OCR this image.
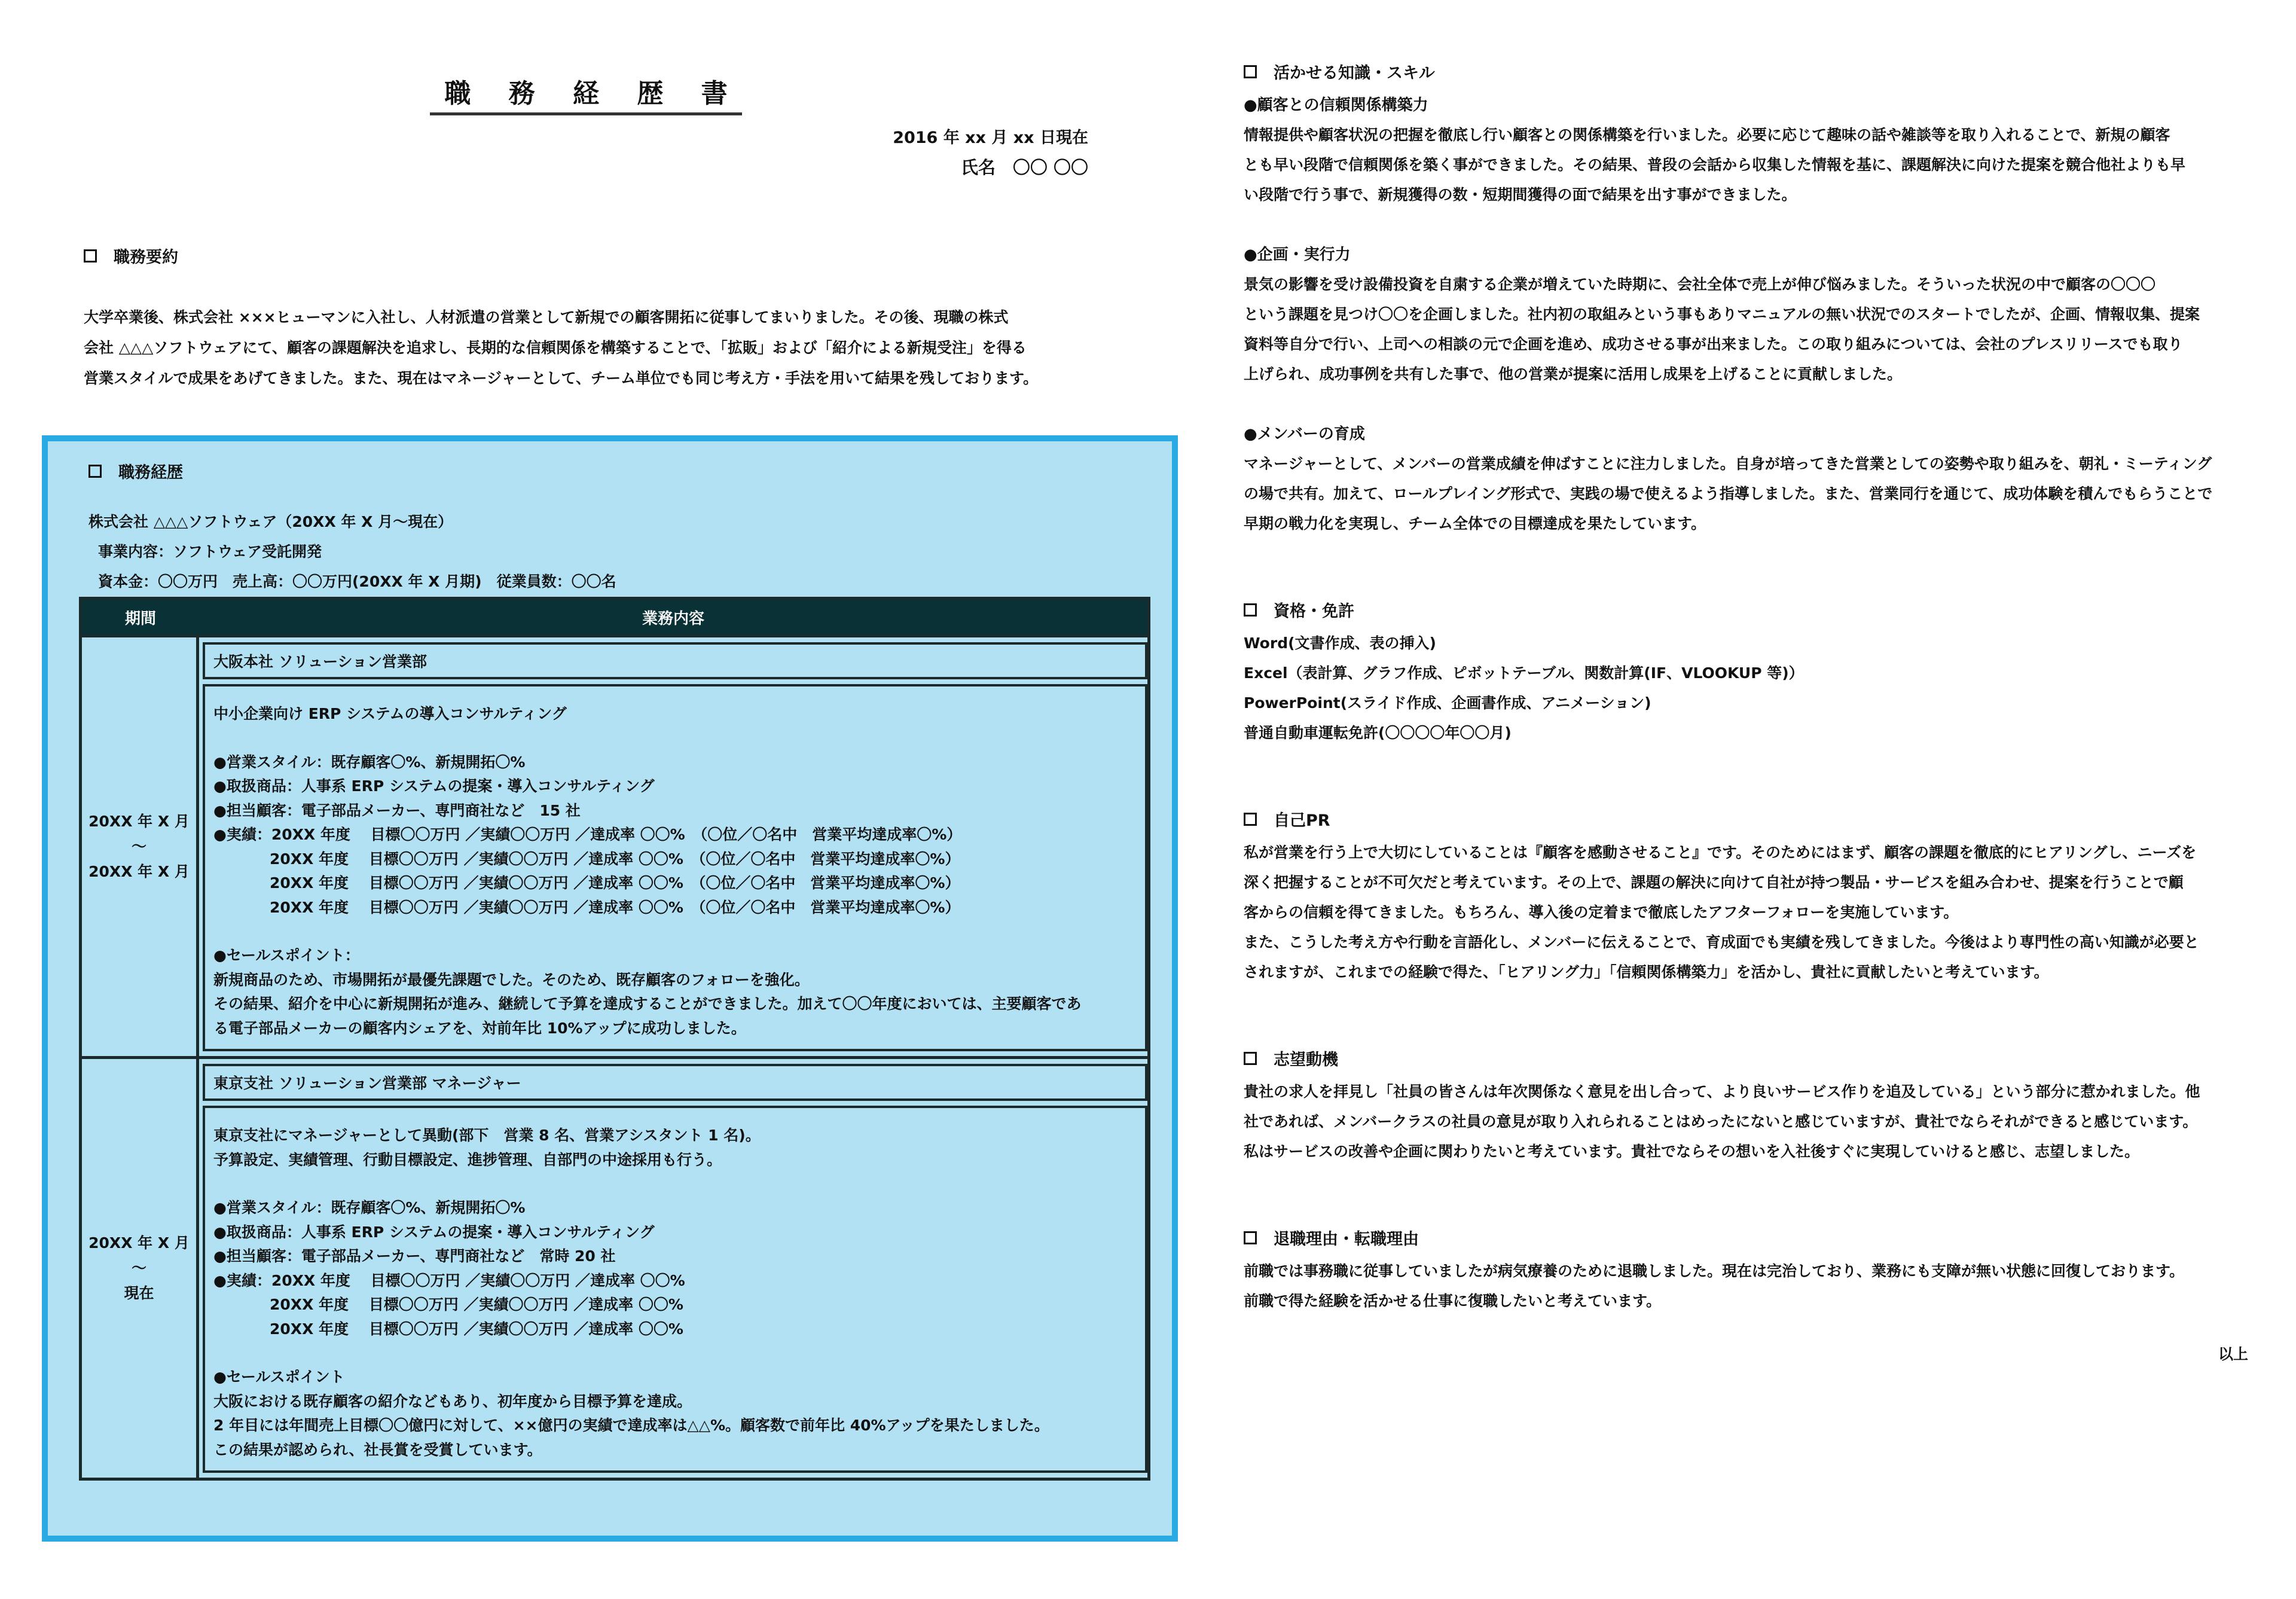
職 務 経 歴 書
2016 年 xx 月 xx 日現在
氏名　〇〇 〇〇
職務要約
大学卒業後、株式会社 ×××ヒューマンに入社し、人材派遣の営業として新規での顧客開拓に従事してまいりました。その後、現職の株式
会社 △△△ソフトウェアにて、顧客の課題解決を追求し、長期的な信頼関係を構築することで、「拡販」および「紹介による新規受注」を得る
営業スタイルで成果をあげてきました。また、現在はマネージャーとして、チーム単位でも同じ考え方・手法を用いて結果を残しております。
職務経歴
株式会社 △△△ソフトウェア（20XX 年 X 月～現在）
事業内容：ソフトウェア受託開発
資本金：〇〇万円　売上高：〇〇万円(20XX 年 X 月期)　従業員数：〇〇名
期間	業務内容
20XX 年 X 月
～
20XX 年 X 月
大阪本社 ソリューション営業部
中小企業向け ERP システムの導入コンサルティング
●営業スタイル：既存顧客〇%、新規開拓〇%
●取扱商品：人事系 ERP システムの提案・導入コンサルティング
●担当顧客：電子部品メーカー、専門商社など　15 社
●実績：20XX 年度　 目標〇〇万円 ／実績〇〇万円 ／達成率 〇〇%　（〇位／〇名中　営業平均達成率〇%）
20XX 年度　 目標〇〇万円 ／実績〇〇万円 ／達成率 〇〇%　（〇位／〇名中　営業平均達成率〇%）
20XX 年度　 目標〇〇万円 ／実績〇〇万円 ／達成率 〇〇%　（〇位／〇名中　営業平均達成率〇%）
20XX 年度　 目標〇〇万円 ／実績〇〇万円 ／達成率 〇〇%　（〇位／〇名中　営業平均達成率〇%）
●セールスポイント：
新規商品のため、市場開拓が最優先課題でした。そのため、既存顧客のフォローを強化。
その結果、紹介を中心に新規開拓が進み、継続して予算を達成することができました。加えて〇〇年度においては、主要顧客であ
る電子部品メーカーの顧客内シェアを、対前年比 10%アップに成功しました。
20XX 年 X 月
～
現在
東京支社 ソリューション営業部 マネージャー
東京支社にマネージャーとして異動(部下　営業 8 名、営業アシスタント 1 名)。
予算設定、実績管理、行動目標設定、進捗管理、自部門の中途採用も行う。
●営業スタイル：既存顧客〇%、新規開拓〇%
●取扱商品：人事系 ERP システムの提案・導入コンサルティング
●担当顧客：電子部品メーカー、専門商社など　常時 20 社
●実績：20XX 年度　 目標〇〇万円 ／実績〇〇万円 ／達成率 〇〇%
20XX 年度　 目標〇〇万円 ／実績〇〇万円 ／達成率 〇〇%
20XX 年度　 目標〇〇万円 ／実績〇〇万円 ／達成率 〇〇%
●セールスポイント
大阪における既存顧客の紹介などもあり、初年度から目標予算を達成。
2 年目には年間売上目標〇〇億円に対して、××億円の実績で達成率は△△%。顧客数で前年比 40%アップを果たしました。
この結果が認められ、社長賞を受賞しています。
活かせる知識・スキル
●顧客との信頼関係構築力
情報提供や顧客状況の把握を徹底し行い顧客との関係構築を行いました。必要に応じて趣味の話や雑談等を取り入れることで、新規の顧客
とも早い段階で信頼関係を築く事ができました。その結果、普段の会話から収集した情報を基に、課題解決に向けた提案を競合他社よりも早
い段階で行う事で、新規獲得の数・短期間獲得の面で結果を出す事ができました。
●企画・実行力
景気の影響を受け設備投資を自粛する企業が増えていた時期に、会社全体で売上が伸び悩みました。そういった状況の中で顧客の〇〇〇
という課題を見つけ〇〇を企画しました。社内初の取組みという事もありマニュアルの無い状況でのスタートでしたが、企画、情報収集、提案
資料等自分で行い、上司への相談の元で企画を進め、成功させる事が出来ました。この取り組みについては、会社のプレスリリースでも取り
上げられ、成功事例を共有した事で、他の営業が提案に活用し成果を上げることに貢献しました。
●メンバーの育成
マネージャーとして、メンバーの営業成績を伸ばすことに注力しました。自身が培ってきた営業としての姿勢や取り組みを、朝礼・ミーティング
の場で共有。加えて、ロールプレイング形式で、実践の場で使えるよう指導しました。また、営業同行を通じて、成功体験を積んでもらうことで
早期の戦力化を実現し、チーム全体での目標達成を果たしています。
資格・免許
Word(文書作成、表の挿入)
Excel（表計算、グラフ作成、ピボットテーブル、関数計算(IF、VLOOKUP 等)）
PowerPoint(スライド作成、企画書作成、アニメーション)
普通自動車運転免許(〇〇〇〇年〇〇月)
自己PR
私が営業を行う上で大切にしていることは『顧客を感動させること』です。そのためにはまず、顧客の課題を徹底的にヒアリングし、ニーズを
深く把握することが不可欠だと考えています。その上で、課題の解決に向けて自社が持つ製品・サービスを組み合わせ、提案を行うことで顧
客からの信頼を得てきました。もちろん、導入後の定着まで徹底したアフターフォローを実施しています。
また、こうした考え方や行動を言語化し、メンバーに伝えることで、育成面でも実績を残してきました。今後はより専門性の高い知識が必要と
されますが、これまでの経験で得た、「ヒアリング力」「信頼関係構築力」を活かし、貴社に貢献したいと考えています。
志望動機
貴社の求人を拝見し「社員の皆さんは年次関係なく意見を出し合って、より良いサービス作りを追及している」という部分に惹かれました。他
社であれば、メンバークラスの社員の意見が取り入れられることはめったにないと感じていますが、貴社でならそれができると感じています。
私はサービスの改善や企画に関わりたいと考えています。貴社でならその想いを入社後すぐに実現していけると感じ、志望しました。
退職理由・転職理由
前職では事務職に従事していましたが病気療養のために退職しました。現在は完治しており、業務にも支障が無い状態に回復しております。
前職で得た経験を活かせる仕事に復職したいと考えています。
以上
